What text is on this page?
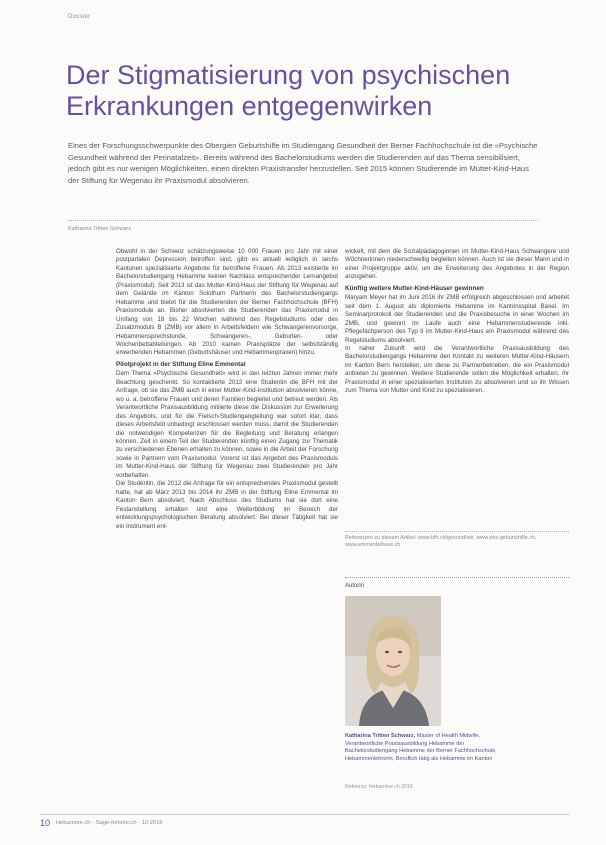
Dossier
Der Stigmatisierung von psychischen Erkrankungen entgegenwirken

Eines der Forschungsschwerpunkte des Obergien Geburtshilfe im Studiengang Gesundheit der Berner Fachhochschule ist die «Psychische Gesundheit während der Perinatalzeit». Bereits während des Bachelorstudiums werden die Studierenden auf das Thema sensibilisiert, jedoch gibt es nur wenigen Möglichkeiten, einen direkten Praxistransfer herzustellen. Seit 2015 können Studierende im Mutter-Kind-Haus der Stiftung für Wegenau ihr Praxismodul absolvieren.

Katharina Tritten Schwarz

Obwohl in der Schweiz schätzungsweise 10 000 Frauen pro Jahr mit einer postpartalen Depression betroffen sind, gibt es aktuell lediglich in sechs Kantonen spezialisierte Angebote für betroffene Frauen. Ab 2013 existierte im Bachelorstudiengang Hebamme keinen Nachlass entsprechender Lernangebot (Praxismodul). Seit 2013 ist das Mutter-Kind-Haus der Stiftung für Wegenau auf dem Gelände im Kanton Solothurn Partnerin des Bachelorstudiengangs Hebamme und bietet für die Studierenden der Berner Fachhochschule (BFH) Praxismodule an. Bisher absolvierten die Studierenden das Praxismodul in Umfang von 18 bis 22 Wochen während des Regelstudiums oder des Zusatzmoduls B (ZMB) vor allem in Arbeitsfeldern wie Schwangerenvorsorge, Hebammensprechstunde, Schwangeren-, Geburten- oder Wochenbettabteilungen. Ab 2010 kamen Praxisplätze der selbstständig erwerbenden Hebammen (Geburtshäuser und Hebammenpraxen) hinzu.

Pilotprojekt in der Stiftung Eline Emmental

Dem Thema «Psychische Gesundheit» wird in den letzten Jahren immer mehr Beachtung geschenkt. So kontaktierte 2012 eine Studentin die BFH mit der Anfrage, ob sie das ZMB auch in einer Mutter-Kind-Institution absolvieren könne, wo u. a. betroffene Frauen und deren Familien begleitet und betreut werden. Als Verantwortliche Praxisausbildung initiierte diese die Diskussion zur Erweiterung des Angebots, und für die Fleisch-Studiengangleitung war sofort klar, dass dieses Arbeitsfeld unbedingt erschlossen werden muss, damit die Studierenden die notwendigen Kompetenzen für die Begleitung und Beratung erlangen können. Zeit in einem Teil der Studierenden künftig einen Zugang zur Thematik zu verschiedenen Ebenen erhalten zu können, sowie in die Arbeit der Forschung sowie in Partnern vom Praxismodul. Vorerst ist das Angebot des Praxismoduls im Mutter-Kind-Haus der Stiftung für Wegenau zwei Studierenden pro Jahr vorbehalten.

Die Studentin, die 2012 die Anfrage für ein entsprechendes Praxismodul gestellt hatte, hat ab März 2013 bis 2014 ihr ZMB in der Stiftung Eline Emmental im Kanton Bern absolviert. Nach Abschluss des Studiums hat sie dort eine Festanstellung erhalten und eine Weiterbildung im Bereich der entwicklungspsychologischen Beratung absolviert. Bei dieser Tätigkeit hat sie ein Instrument ent-

wickelt, mit dem die Sozialpädagoginnen im Mutter-Kind-Haus Schwangere und Wöchnerinnen niederschwellig begleiten können. Auch ist sie dieser Mann und in einer Projektgruppe aktiv, um die Erweiterung des Angebotes in der Region anzugehen.

Künftig weitere Mutter-Kind-Häuser gewinnen

Maryam Meyer hat im Juni 2016 ihr ZMB erfolgreich abgeschlossen und arbeitet seit dem 1. August als diplomierte Hebamme im Kantonsspital Basel. Im Seminarprotokoll der Studierenden und die Praxisbesuche in einer Wochen im ZMB, und gewinnt im Laufe auch eine Hebammenstudierende inkl. Pflegefachperson des Typ II im Mutter-Kind-Haus ein Praxismodul während des Regelstudiums absolviert.

In naher Zukunft wird die Verantwortliche Praxisausbildung des Bachelorstudiengangs Hebamme den Kontakt zu weiteren Mutter-Kind-Häusern im Kanton Bern herstellen, um diese zu Partnerbetrieben, die ein Praxismodul anbieten zu gewinnen. Weitere Studierende sollen die Möglichkeit erhalten, ihr Praxismodul in einer spezialisierten Institution zu absolvieren und so ihr Wissen zum Thema von Mutter und Kind zu spezialisieren.

Referenzen zu diesem Artikel: www.bfh.ch/gesundheit, www.ehs-geburtshilfe.ch, www.emmentalhaus.ch
Autorin
Katharina Tritten Schwarz, Master of Health Midwife, Verantwortliche Praxisausbildung Hebamme der Bachelorstudiengang Hebamme der Berner Fachhochschule, Hebammenlehrerin, Beruflich tätig als Hebamme im Kanton
Referenz: Hebamme.ch 2016
10 Hebamme.ch · Sage-femme.ch · 10 2016
